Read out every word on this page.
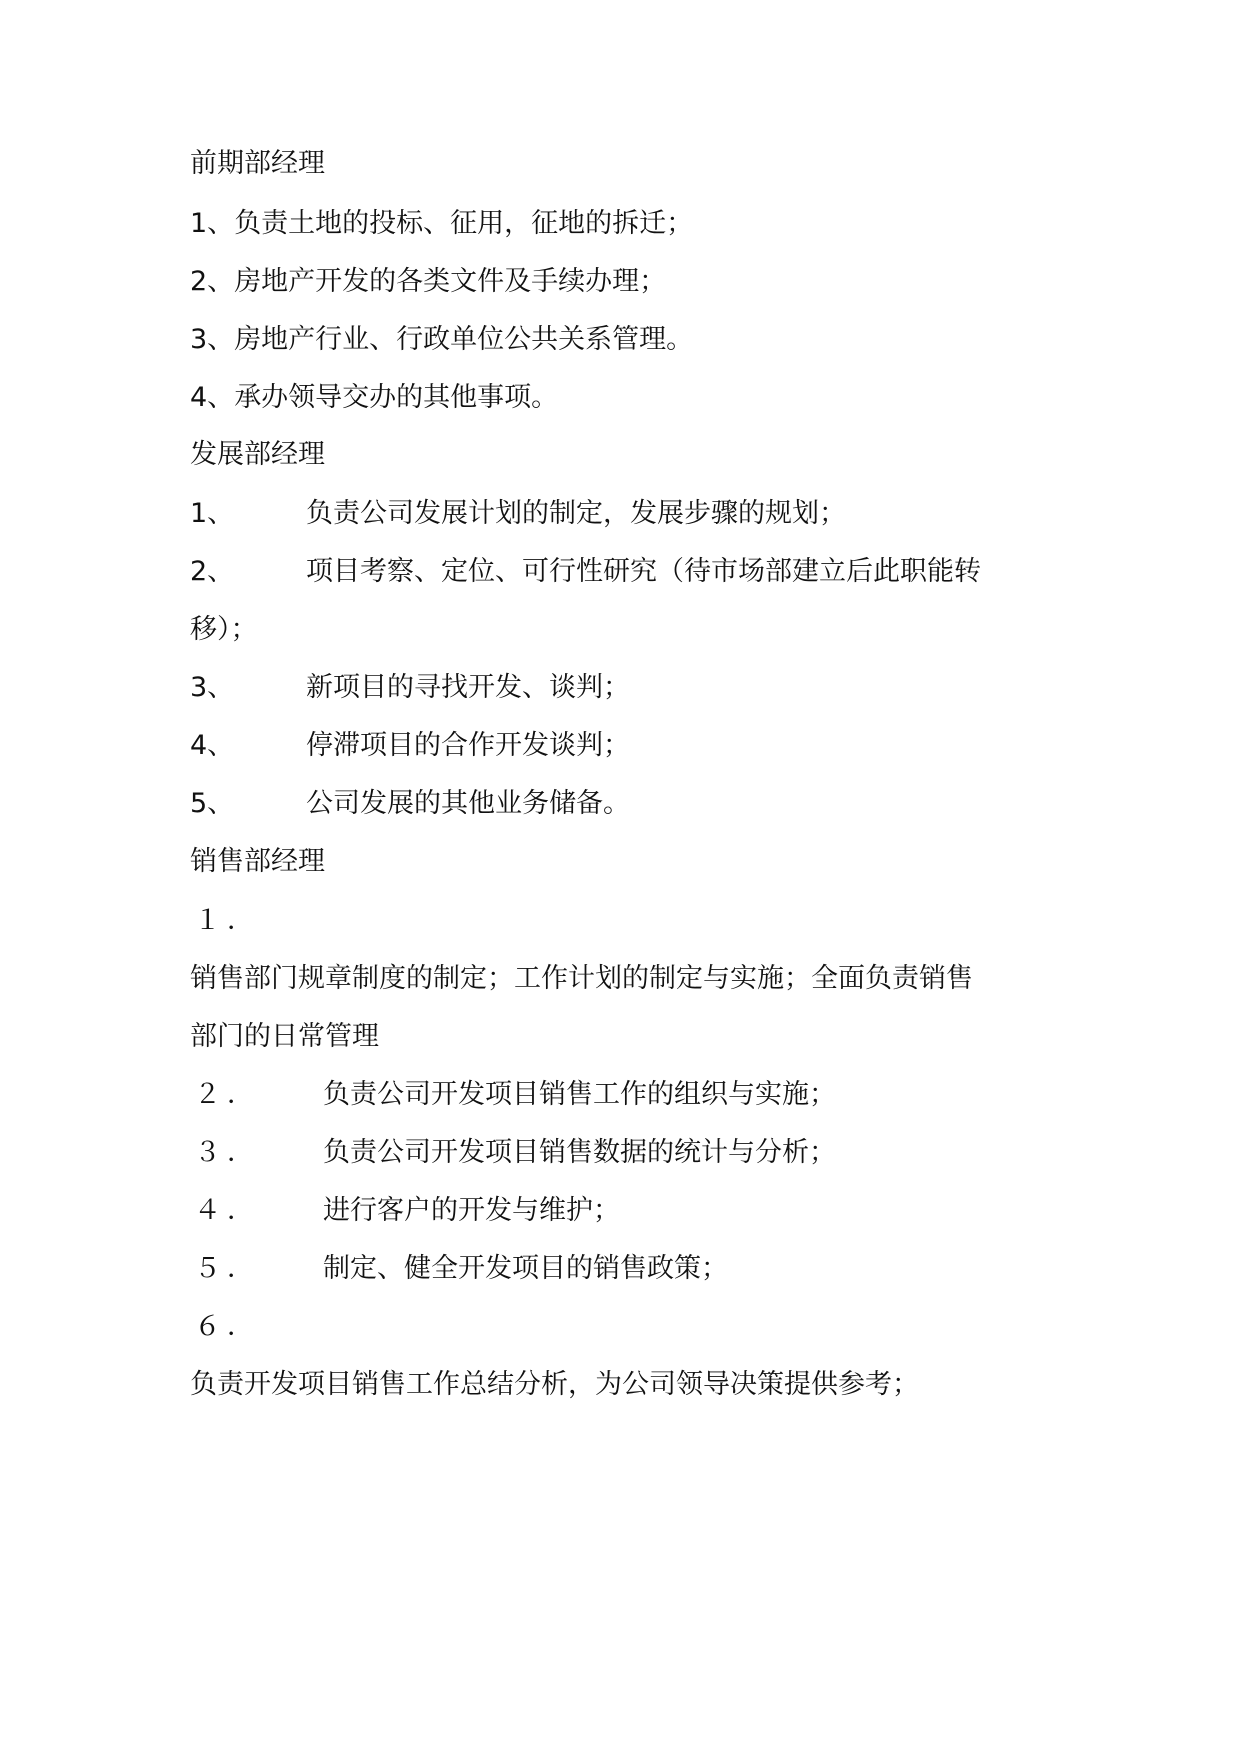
前期部经理
1、负责土地的投标、征用，征地的拆迁；
2、房地产开发的各类文件及手续办理；
3、房地产行业、行政单位公共关系管理。
4、承办领导交办的其他事项。
发展部经理
1、	负责公司发展计划的制定，发展步骤的规划；
2、	项目考察、定位、可行性研究（待市场部建立后此职能转
移）；
3、	新项目的寻找开发、谈判；
4、	停滞项目的合作开发谈判；
5、	公司发展的其他业务储备。
销售部经理
１．
销售部门规章制度的制定；工作计划的制定与实施；全面负责销售
部门的日常管理
２． 负责公司开发项目销售工作的组织与实施；
３． 负责公司开发项目销售数据的统计与分析；
４． 进行客户的开发与维护；
５． 制定、健全开发项目的销售政策；
６．
负责开发项目销售工作总结分析，为公司领导决策提供参考；
